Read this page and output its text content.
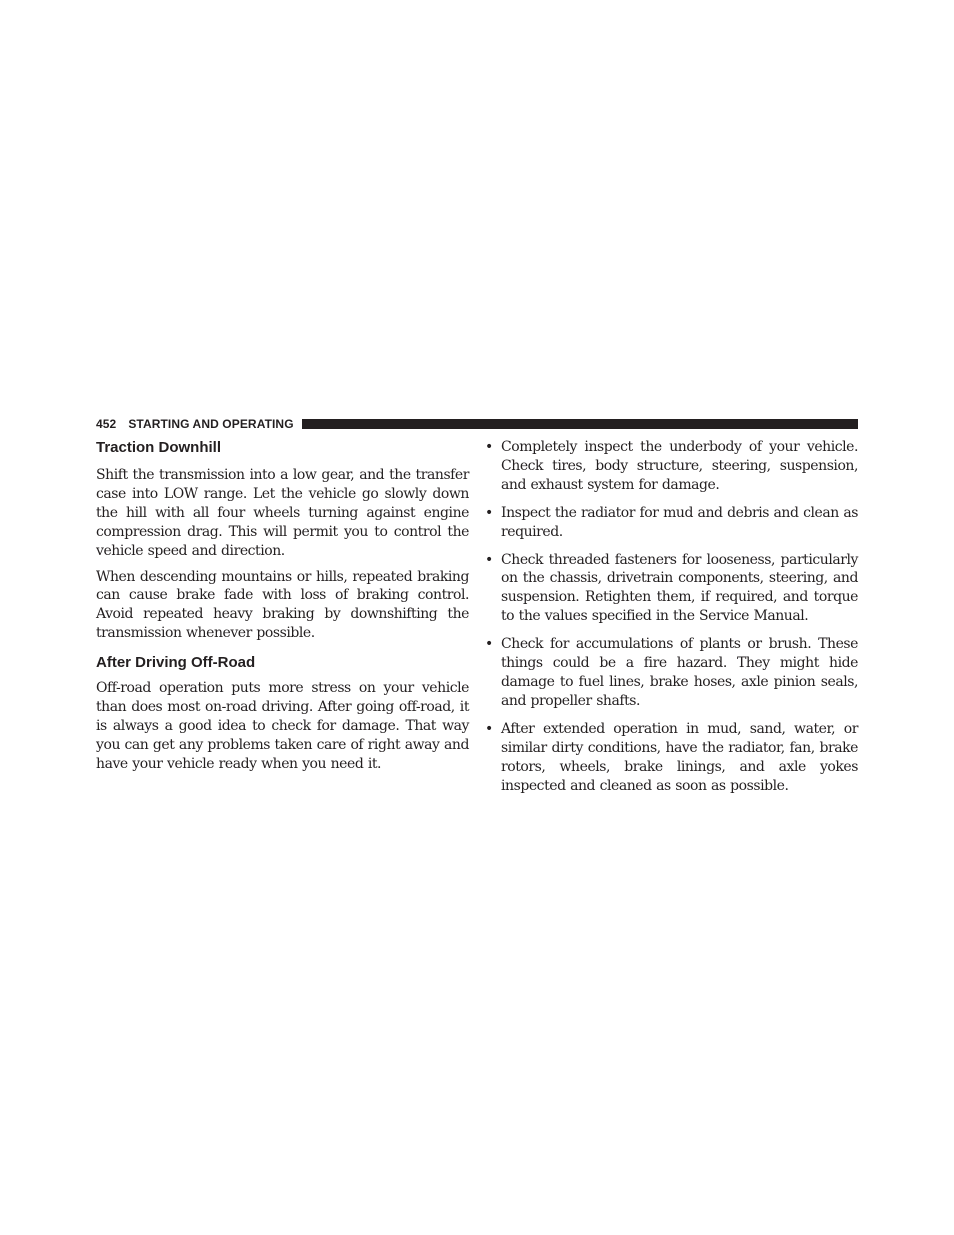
452 STARTING AND OPERATING
Traction Downhill

Shift the transmission into a low gear, and the transfer case into LOW range. Let the vehicle go slowly down the hill with all four wheels turning against engine compression drag. This will permit you to control the vehicle speed and direction.

When descending mountains or hills, repeated braking can cause brake fade with loss of braking control. Avoid repeated heavy braking by downshifting the transmission whenever possible.

After Driving Off-Road

Off-road operation puts more stress on your vehicle than does most on-road driving. After going off-road, it is always a good idea to check for damage. That way you can get any problems taken care of right away and have your vehicle ready when you need it.

• Completely inspect the underbody of your vehicle. Check tires, body structure, steering, suspension, and exhaust system for damage.

• Inspect the radiator for mud and debris and clean as required.

• Check threaded fasteners for looseness, particularly on the chassis, drivetrain components, steering, and suspension. Retighten them, if required, and torque to the values specified in the Service Manual.

• Check for accumulations of plants or brush. These things could be a fire hazard. They might hide damage to fuel lines, brake hoses, axle pinion seals, and propeller shafts.

• After extended operation in mud, sand, water, or similar dirty conditions, have the radiator, fan, brake rotors, wheels, brake linings, and axle yokes inspected and cleaned as soon as possible.
